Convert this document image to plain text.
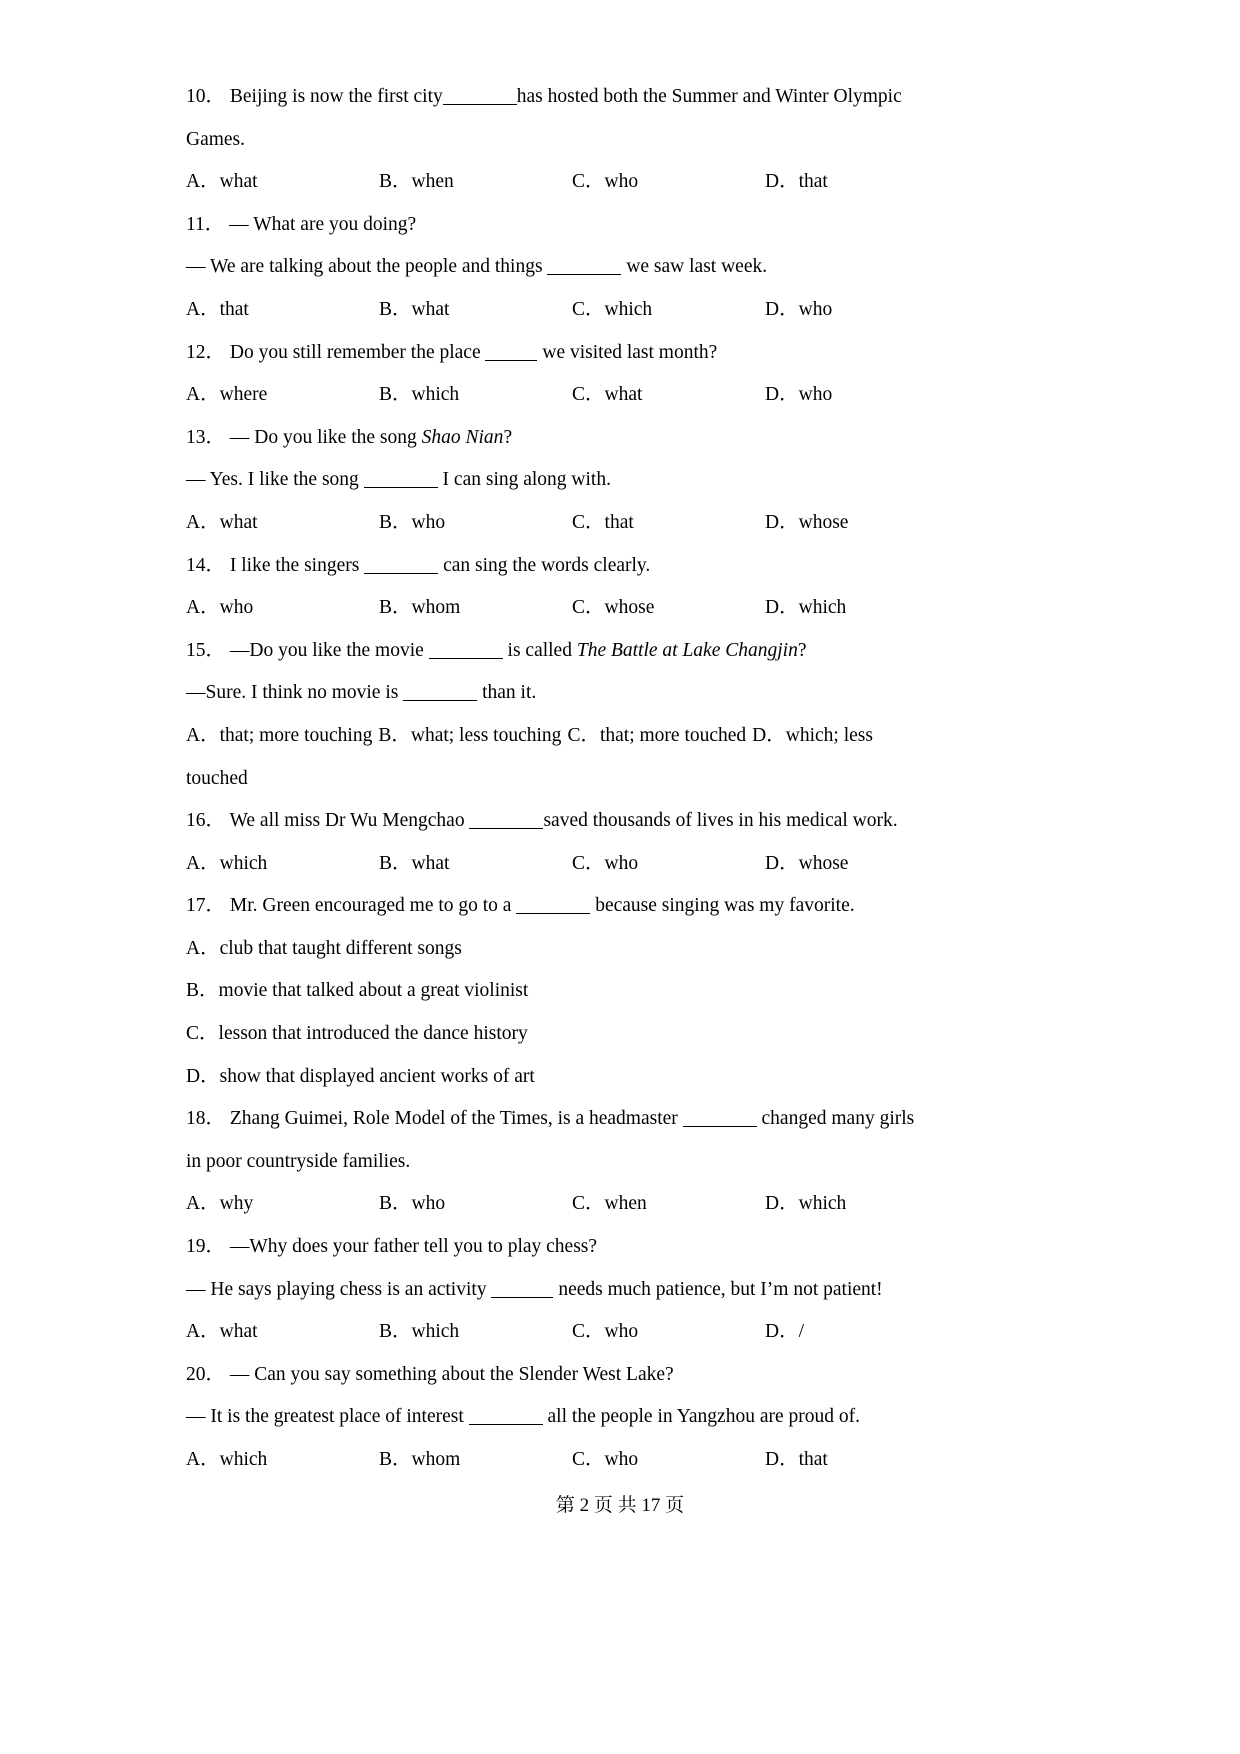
10． Beijing is now the first city	has hosted both the Summer and Winter Olympic Games.
A．what	B．when	C．who	D．that
11． — What are you doing?
— We are talking about the people and things	we saw last week.
A．that	B．what	C．which	D．who
12． Do you still remember the place	we visited last month?
A．where	B．which	C．what	D．who
13． — Do you like the song Shao Nian?
— Yes. I like the song	I can sing along with.
A．what	B．who	C．that	D．whose
14． I like the singers	can sing the words clearly.
A．who	B．whom	C．whose	D．which
15． —Do you like the movie	is called The Battle at Lake Changjin?
—Sure. I think no movie is	than it.
A．that; more touching B．what; less touching C．that; more touched D．which; less touched
16． We all miss Dr Wu Mengchao	saved thousands of lives in his medical work.
A．which	B．what	C．who	D．whose
17． Mr. Green encouraged me to go to a	because singing was my favorite.
A．club that taught different songs
B．movie that talked about a great violinist
C．lesson that introduced the dance history
D．show that displayed ancient works of art
18． Zhang Guimei, Role Model of the Times, is a headmaster	changed many girls in poor countryside families.
A．why	B．who	C．when	D．which
19． —Why does your father tell you to play chess?
— He says playing chess is an activity	needs much patience, but I’m not patient!
A．what	B．which	C．who	D．/
20． — Can you say something about the Slender West Lake?
— It is the greatest place of interest	all the people in Yangzhou are proud of.
A．which	B．whom	C．who	D．that
第 2 页 共 17 页
